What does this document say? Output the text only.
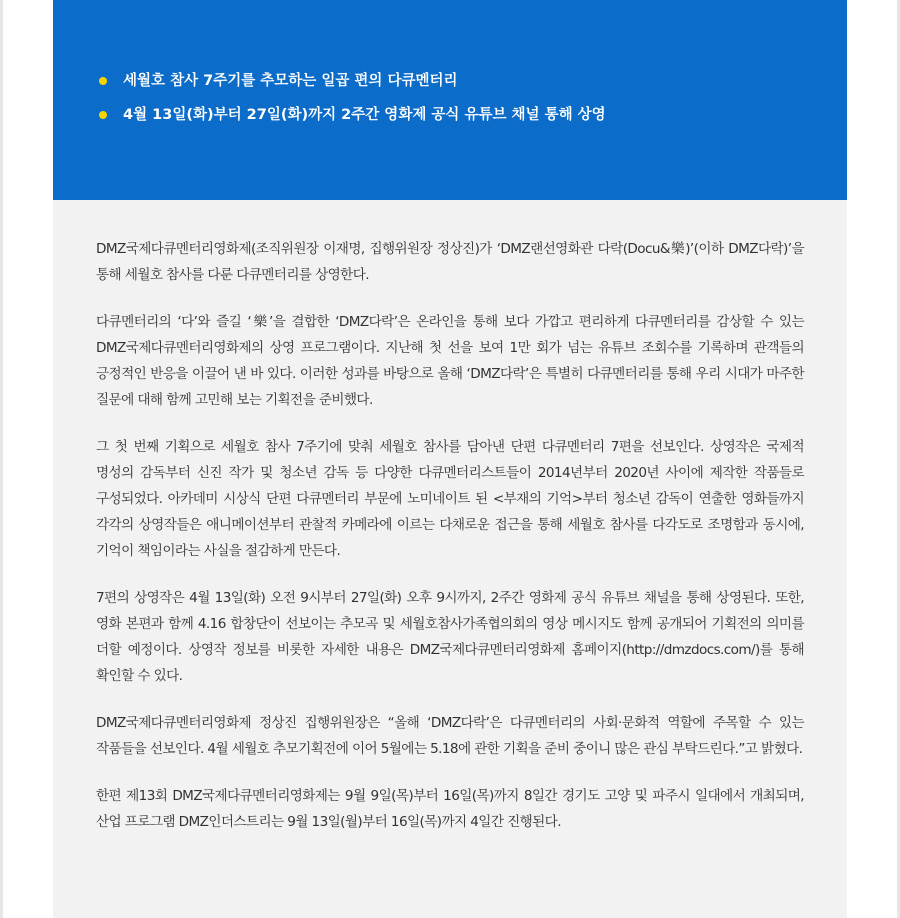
세월호 참사 7주기를 추모하는 일곱 편의 다큐멘터리
4월 13일(화)부터 27일(화)까지 2주간 영화제 공식 유튜브 채널 통해 상영

DMZ국제다큐멘터리영화제(조직위원장 이재명, 집행위원장 정상진)가 ‘DMZ랜선영화관 다락(Docu&樂)’(이하 DMZ다락)’을 통해 세월호 참사를 다룬 다큐멘터리를 상영한다.

다큐멘터리의 ‘다’와 즐길 ‘樂’을 결합한 ‘DMZ다락’은 온라인을 통해 보다 가깝고 편리하게 다큐멘터리를 감상할 수 있는 DMZ국제다큐멘터리영화제의 상영 프로그램이다. 지난해 첫 선을 보여 1만 회가 넘는 유튜브 조회수를 기록하며 관객들의 긍정적인 반응을 이끌어 낸 바 있다. 이러한 성과를 바탕으로 올해 ‘DMZ다락’은 특별히 다큐멘터리를 통해 우리 시대가 마주한 질문에 대해 함께 고민해 보는 기획전을 준비했다.

그 첫 번째 기획으로 세월호 참사 7주기에 맞춰 세월호 참사를 담아낸 단편 다큐멘터리 7편을 선보인다. 상영작은 국제적 명성의 감독부터 신진 작가 및 청소년 감독 등 다양한 다큐멘터리스트들이 2014년부터 2020년 사이에 제작한 작품들로 구성되었다. 아카데미 시상식 단편 다큐멘터리 부문에 노미네이트 된 <부재의 기억>부터 청소년 감독이 연출한 영화들까지 각각의 상영작들은 애니메이션부터 관찰적 카메라에 이르는 다채로운 접근을 통해 세월호 참사를 다각도로 조명함과 동시에, 기억이 책임이라는 사실을 절감하게 만든다.

7편의 상영작은 4월 13일(화) 오전 9시부터 27일(화) 오후 9시까지, 2주간 영화제 공식 유튜브 채널을 통해 상영된다. 또한, 영화 본편과 함께 4.16 합창단이 선보이는 추모곡 및 세월호참사가족협의회의 영상 메시지도 함께 공개되어 기획전의 의미를 더할 예정이다. 상영작 정보를 비롯한 자세한 내용은 DMZ국제다큐멘터리영화제 홈페이지(http://dmzdocs.com/)를 통해 확인할 수 있다.

DMZ국제다큐멘터리영화제 정상진 집행위원장은 “올해 ‘DMZ다락’은 다큐멘터리의 사회·문화적 역할에 주목할 수 있는 작품들을 선보인다. 4월 세월호 추모기획전에 이어 5월에는 5.18에 관한 기획을 준비 중이니 많은 관심 부탁드린다.”고 밝혔다.

한편 제13회 DMZ국제다큐멘터리영화제는 9월 9일(목)부터 16일(목)까지 8일간 경기도 고양 및 파주시 일대에서 개최되며, 산업 프로그램 DMZ인더스트리는 9월 13일(월)부터 16일(목)까지 4일간 진행된다.
